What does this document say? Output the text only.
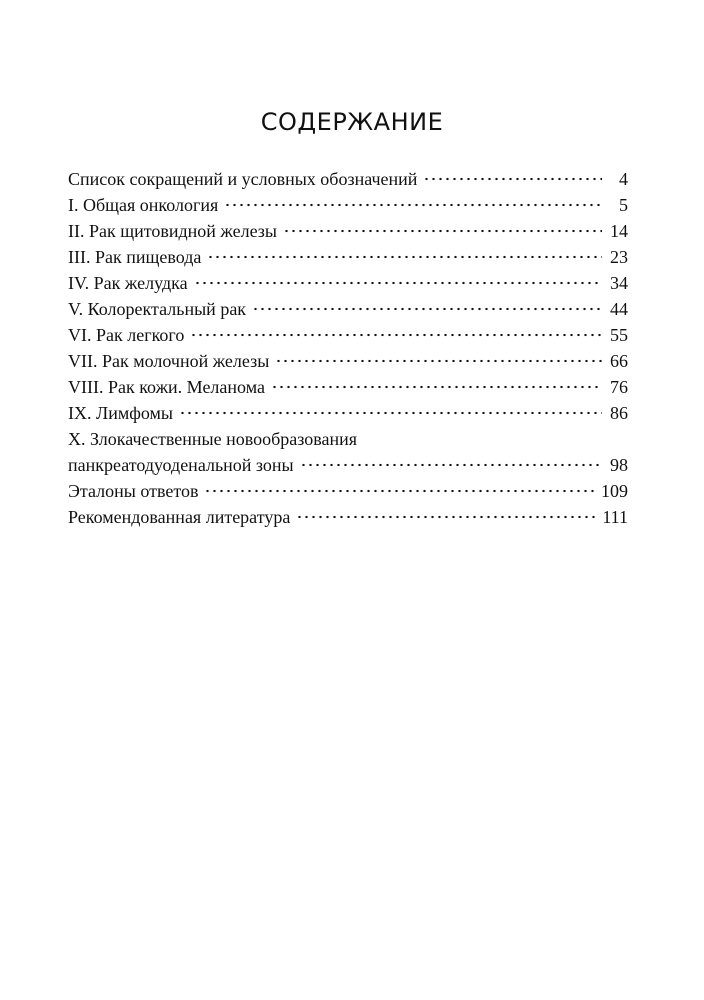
СОДЕРЖАНИЕ
Список сокращений и условных обозначений	4
I. Общая онкология	5
II. Рак щитовидной железы	14
III. Рак пищевода	23
IV. Рак желудка	34
V. Колоректальный рак	44
VI. Рак легкого	55
VII. Рак молочной железы	66
VIII. Рак кожи. Меланома	76
IX. Лимфомы	86
X. Злокачественные новообразования
панкреатодуоденальной зоны	98
Эталоны ответов	109
Рекомендованная литература	111
